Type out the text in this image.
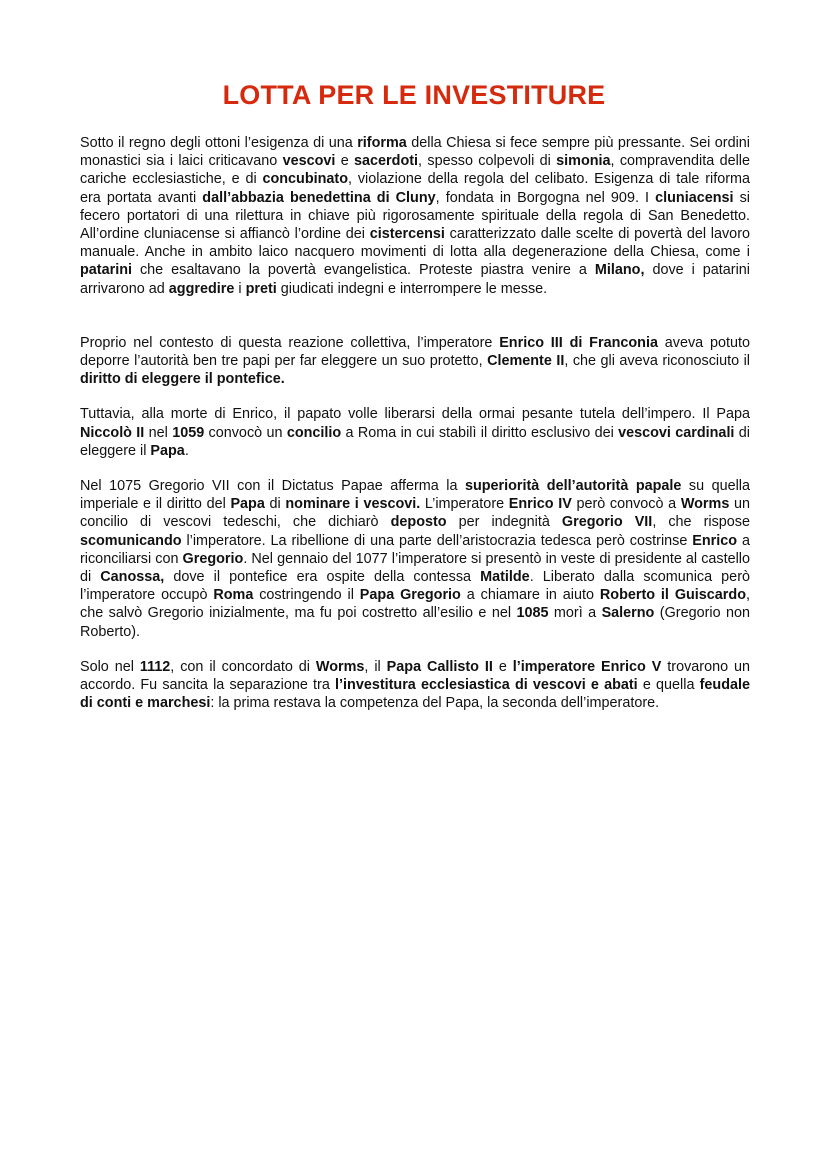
LOTTA PER LE INVESTITURE

Sotto il regno degli ottoni l’esigenza di una riforma della Chiesa si fece sempre più pressante. Sei ordini monastici sia i laici criticavano vescovi e sacerdoti, spesso colpevoli di simonia, compravendita delle cariche ecclesiastiche, e di concubinato, violazione della regola del celibato. Esigenza di tale riforma era portata avanti dall’abbazia benedettina di Cluny, fondata in Borgogna nel 909. I cluniacensi si fecero portatori di una rilettura in chiave più rigorosamente spirituale della regola di San Benedetto. All’ordine cluniacense si affiancò l’ordine dei cistercensi caratterizzato dalle scelte di povertà del lavoro manuale. Anche in ambito laico nacquero movimenti di lotta alla degenerazione della Chiesa, come i patarini che esaltavano la povertà evangelistica. Proteste piastra venire a Milano, dove i patarini arrivarono ad aggredire i preti giudicati indegni e interrompere le messe.

Proprio nel contesto di questa reazione collettiva, l’imperatore Enrico III di Franconia aveva potuto deporre l’autorità ben tre papi per far eleggere un suo protetto, Clemente II, che gli aveva riconosciuto il diritto di eleggere il pontefice.

Tuttavia, alla morte di Enrico, il papato volle liberarsi della ormai pesante tutela dell’impero. Il Papa Niccolò II nel 1059 convocò un concilio a Roma in cui stabilì il diritto esclusivo dei vescovi cardinali di eleggere il Papa.

Nel 1075 Gregorio VII con il Dictatus Papae afferma la superiorità dell’autorità papale su quella imperiale e il diritto del Papa di nominare i vescovi. L’imperatore Enrico IV però convocò a Worms un concilio di vescovi tedeschi, che dichiarò deposto per indegnità Gregorio VII, che rispose scomunicando l’imperatore. La ribellione di una parte dell’aristocrazia tedesca però costrinse Enrico a riconciliarsi con Gregorio. Nel gennaio del 1077 l’imperatore si presentò in veste di presidente al castello di Canossa, dove il pontefice era ospite della contessa Matilde. Liberato dalla scomunica però l’imperatore occupò Roma costringendo il Papa Gregorio a chiamare in aiuto Roberto il Guiscardo, che salvò Gregorio inizialmente, ma fu poi costretto all’esilio e nel 1085 morì a Salerno (Gregorio non Roberto).

Solo nel 1112, con il concordato di Worms, il Papa Callisto II e l’imperatore Enrico V trovarono un accordo. Fu sancita la separazione tra l’investitura ecclesiastica di vescovi e abati e quella feudale di conti e marchesi: la prima restava la competenza del Papa, la seconda dell’imperatore.
